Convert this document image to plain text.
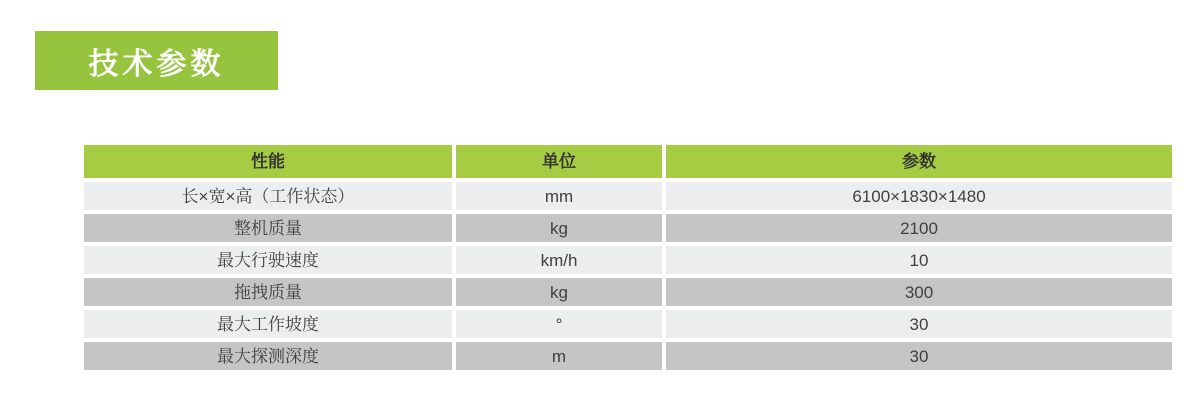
技术参数
性能	单位	参数
长×宽×高（工作状态）	mm	6100×1830×1480
整机质量	kg	2100
最大行驶速度	km/h	10
拖拽质量	kg	300
最大工作坡度	°	30
最大探测深度	m	30
